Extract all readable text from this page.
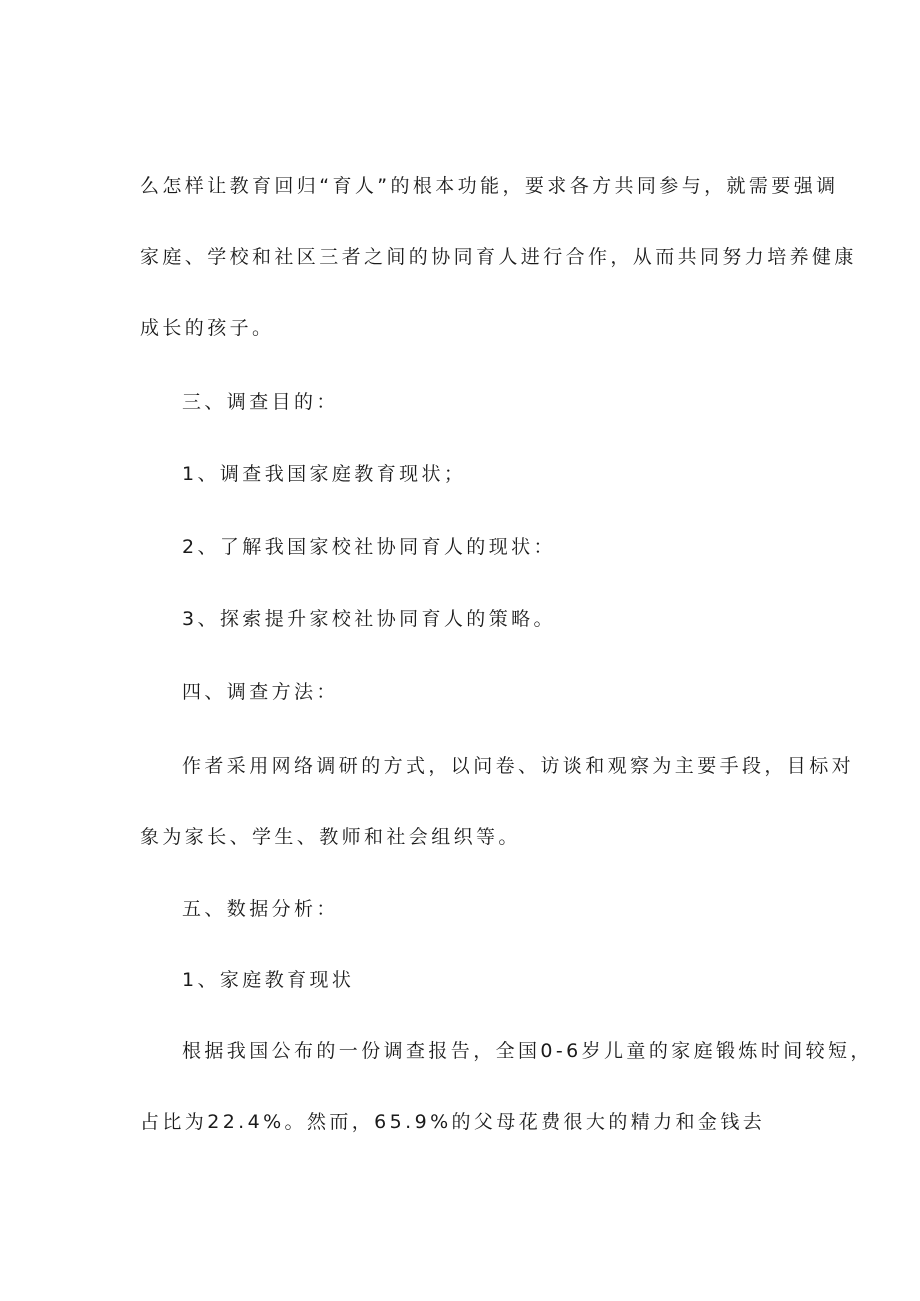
么怎样让教育回归“育人”的根本功能，要求各方共同参与，就需要强调
家庭、学校和社区三者之间的协同育人进行合作，从而共同努力培养健康
成长的孩子。
三、调查目的：
1、调查我国家庭教育现状；
2、了解我国家校社协同育人的现状：
3、探索提升家校社协同育人的策略。
四、调查方法：
作者采用网络调研的方式，以问卷、访谈和观察为主要手段，目标对
象为家长、学生、教师和社会组织等。
五、数据分析：
1、家庭教育现状
根据我国公布的一份调查报告，全国0-6岁儿童的家庭锻炼时间较短，
占比为22.4%。然而，65.9%的父母花费很大的精力和金钱去
